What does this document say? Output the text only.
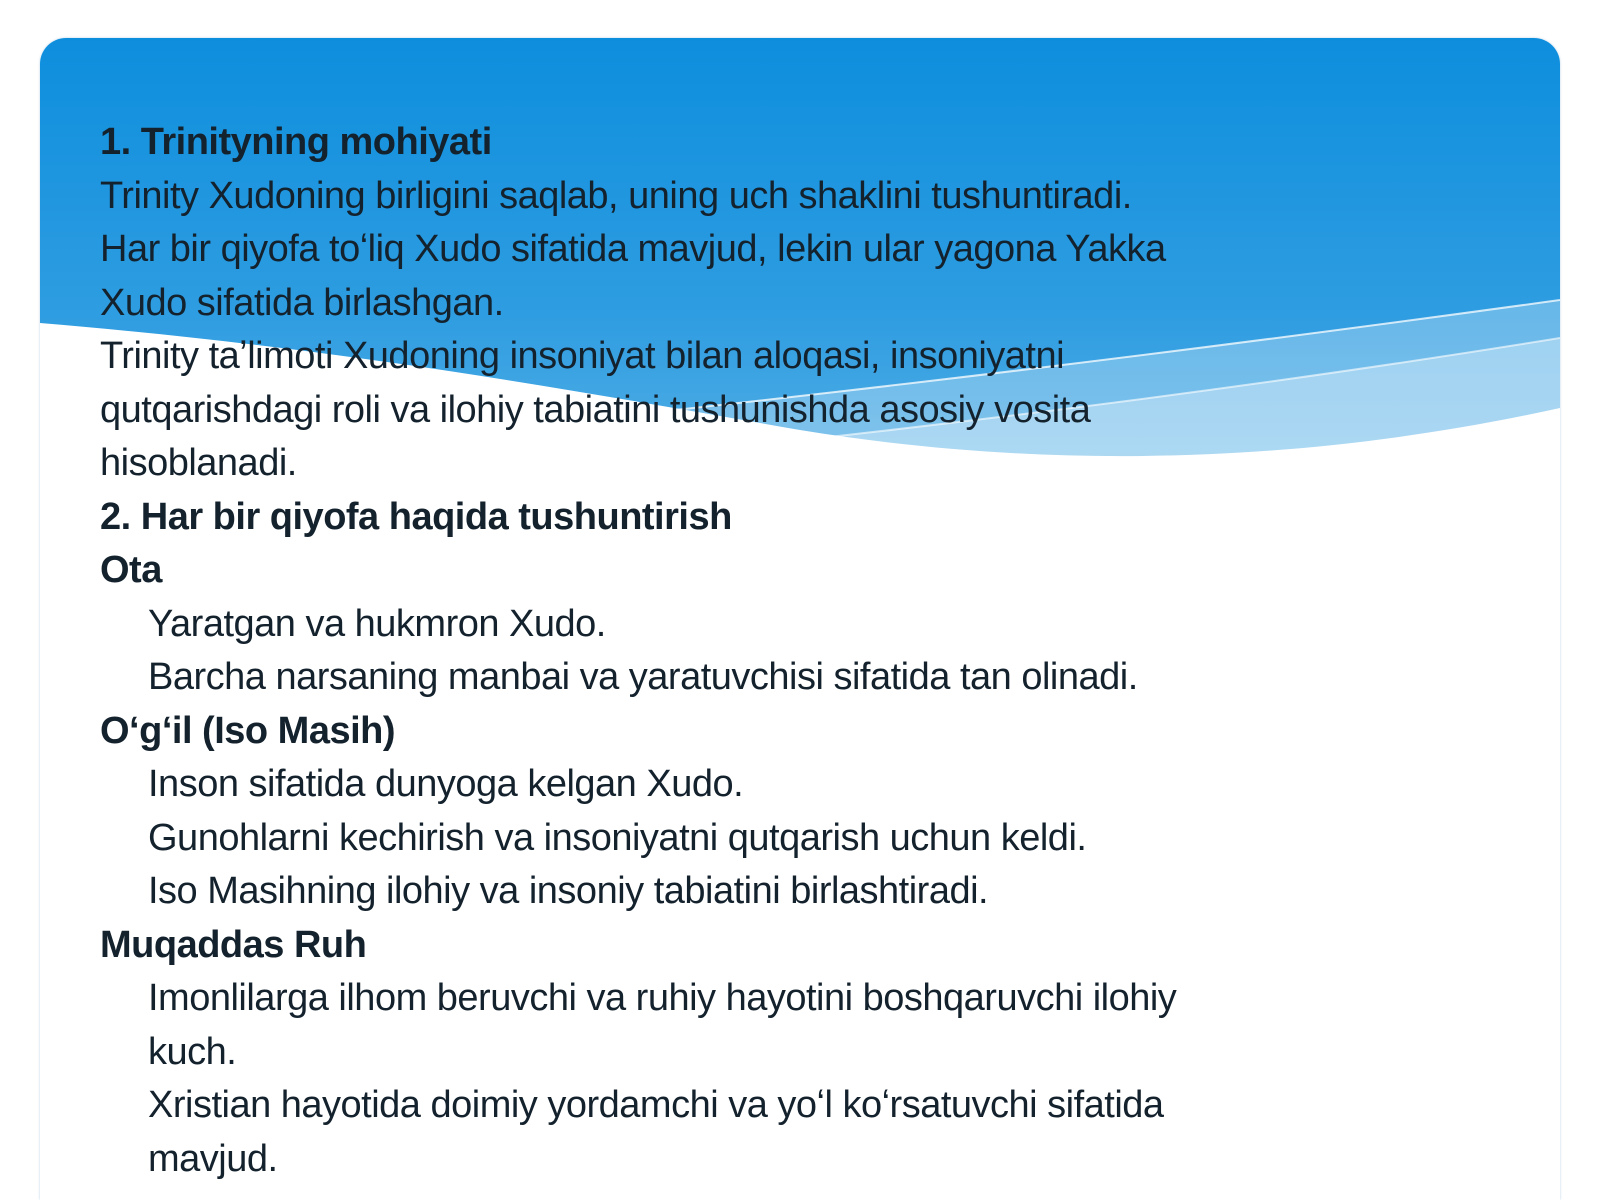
1. Trinityning mohiyati
Trinity Xudoning birligini saqlab, uning uch shaklini tushuntiradi.
Har bir qiyofa toʻliq Xudo sifatida mavjud, lekin ular yagona Yakka
Xudo sifatida birlashgan.
Trinity taʼlimoti Xudoning insoniyat bilan aloqasi, insoniyatni
qutqarishdagi roli va ilohiy tabiatini tushunishda asosiy vosita
hisoblanadi.
2. Har bir qiyofa haqida tushuntirish
Ota
Yaratgan va hukmron Xudo.
Barcha narsaning manbai va yaratuvchisi sifatida tan olinadi.
Oʻgʻil (Iso Masih)
Inson sifatida dunyoga kelgan Xudo.
Gunohlarni kechirish va insoniyatni qutqarish uchun keldi.
Iso Masihning ilohiy va insoniy tabiatini birlashtiradi.
Muqaddas Ruh
Imonlilarga ilhom beruvchi va ruhiy hayotini boshqaruvchi ilohiy
kuch.
Xristian hayotida doimiy yordamchi va yoʻl koʻrsatuvchi sifatida
mavjud.
